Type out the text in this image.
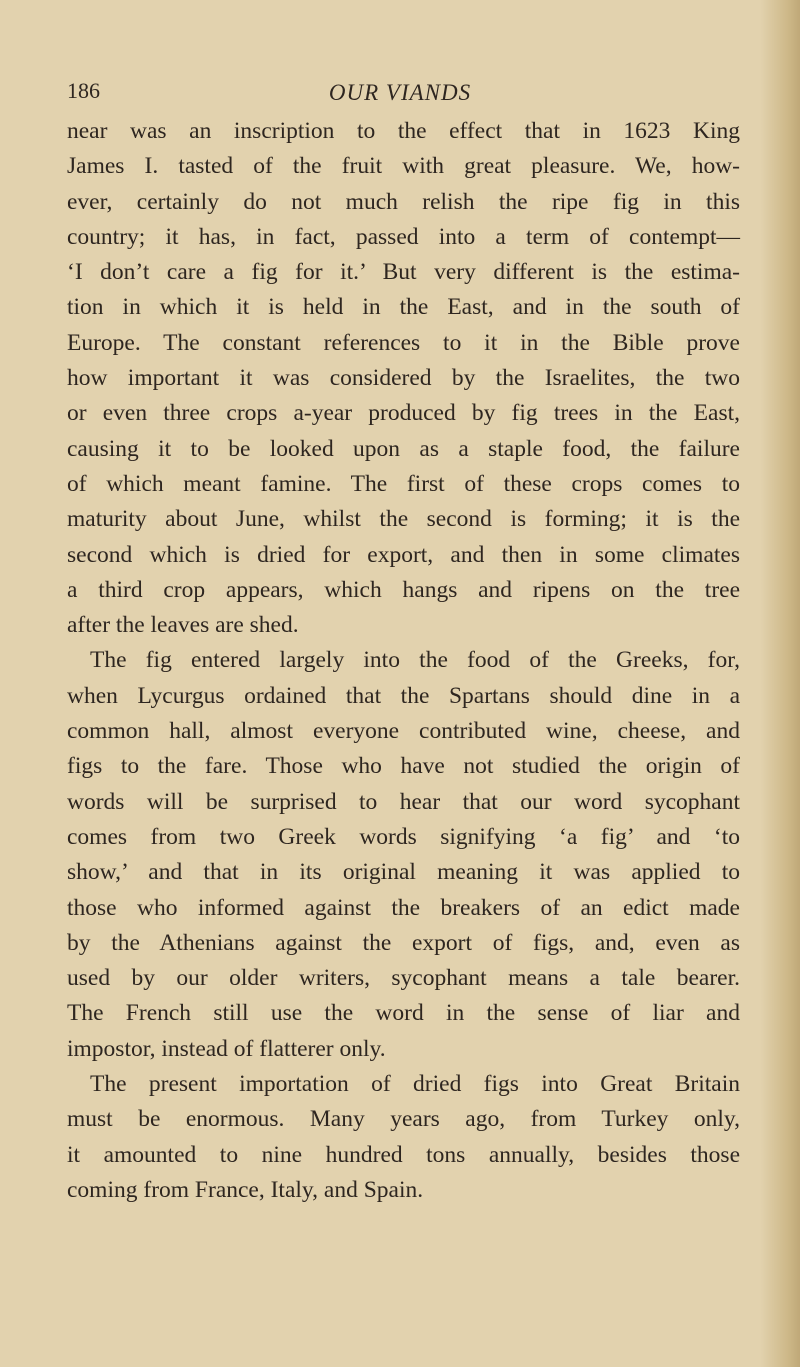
186	OUR VIANDS
near was an inscription to the effect that in 1623 King
James I. tasted of the fruit with great pleasure. We, how-
ever, certainly do not much relish the ripe fig in this
country; it has, in fact, passed into a term of contempt—
‘I don’t care a fig for it.’ But very different is the estima-
tion in which it is held in the East, and in the south of
Europe. The constant references to it in the Bible prove
how important it was considered by the Israelites, the two
or even three crops a-year produced by fig trees in the East,
causing it to be looked upon as a staple food, the failure
of which meant famine. The first of these crops comes to
maturity about June, whilst the second is forming; it is the
second which is dried for export, and then in some climates
a third crop appears, which hangs and ripens on the tree
after the leaves are shed.
The fig entered largely into the food of the Greeks, for,
when Lycurgus ordained that the Spartans should dine in a
common hall, almost everyone contributed wine, cheese, and
figs to the fare. Those who have not studied the origin of
words will be surprised to hear that our word sycophant
comes from two Greek words signifying ‘a fig’ and ‘to
show,’ and that in its original meaning it was applied to
those who informed against the breakers of an edict made
by the Athenians against the export of figs, and, even as
used by our older writers, sycophant means a tale bearer.
The French still use the word in the sense of liar and
impostor, instead of flatterer only.
The present importation of dried figs into Great Britain
must be enormous. Many years ago, from Turkey only,
it amounted to nine hundred tons annually, besides those
coming from France, Italy, and Spain.
